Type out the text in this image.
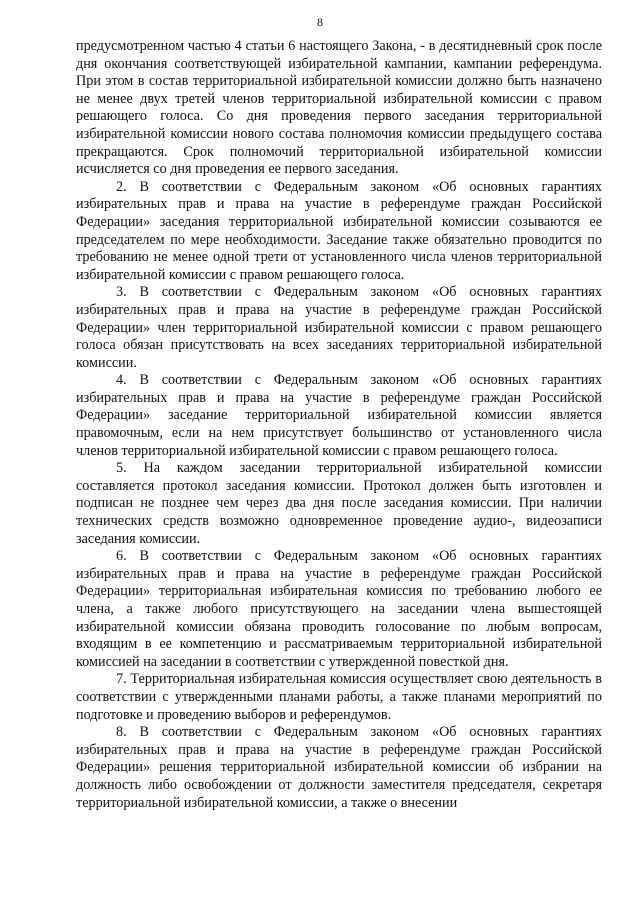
8

предусмотренном частью 4 статьи 6 настоящего Закона, - в десятидневный срок после дня окончания соответствующей избирательной кампании, кампании референдума. При этом в состав территориальной избирательной комиссии должно быть назначено не менее двух третей членов территориальной избирательной комиссии с правом решающего голоса. Со дня проведения первого заседания территориальной избирательной комиссии нового состава полномочия комиссии предыдущего состава прекращаются. Срок полномочий территориальной избирательной комиссии исчисляется со дня проведения ее первого заседания.

2. В соответствии с Федеральным законом «Об основных гарантиях избирательных прав и права на участие в референдуме граждан Российской Федерации» заседания территориальной избирательной комиссии созываются ее председателем по мере необходимости. Заседание также обязательно проводится по требованию не менее одной трети от установленного числа членов территориальной избирательной комиссии с правом решающего голоса.

3. В соответствии с Федеральным законом «Об основных гарантиях избирательных прав и права на участие в референдуме граждан Российской Федерации» член территориальной избирательной комиссии с правом решающего голоса обязан присутствовать на всех заседаниях территориальной избирательной комиссии.

4. В соответствии с Федеральным законом «Об основных гарантиях избирательных прав и права на участие в референдуме граждан Российской Федерации» заседание территориальной избирательной комиссии является правомочным, если на нем присутствует большинство от установленного числа членов территориальной избирательной комиссии с правом решающего голоса.

5. На каждом заседании территориальной избирательной комиссии составляется протокол заседания комиссии. Протокол должен быть изготовлен и подписан не позднее чем через два дня после заседания комиссии. При наличии технических средств возможно одновременное проведение аудио-, видеозаписи заседания комиссии.

6. В соответствии с Федеральным законом «Об основных гарантиях избирательных прав и права на участие в референдуме граждан Российской Федерации» территориальная избирательная комиссия по требованию любого ее члена, а также любого присутствующего на заседании члена вышестоящей избирательной комиссии обязана проводить голосование по любым вопросам, входящим в ее компетенцию и рассматриваемым территориальной избирательной комиссией на заседании в соответствии с утвержденной повесткой дня.

7. Территориальная избирательная комиссия осуществляет свою деятельность в соответствии с утвержденными планами работы, а также планами мероприятий по подготовке и проведению выборов и референдумов.

8. В соответствии с Федеральным законом «Об основных гарантиях избирательных прав и права на участие в референдуме граждан Российской Федерации» решения территориальной избирательной комиссии об избрании на должность либо освобождении от должности заместителя председателя, секретаря территориальной избирательной комиссии, а также о внесении
